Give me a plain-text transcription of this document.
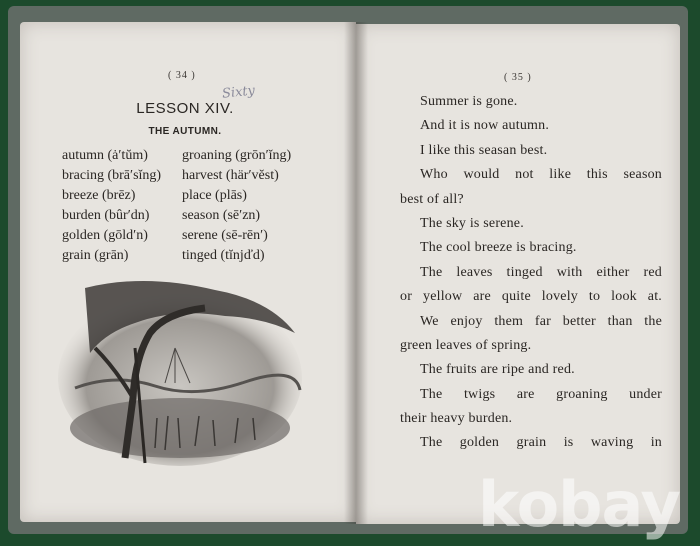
( 34 )
Sixty
LESSON XIV.
THE AUTUMN.
autumn (ȧ′tŭm)	groaning (grōn′ĭng)
bracing (brā′sĭng)	harvest (här′vĕst)
breeze (brēz)	place (plās)
burden (bûr′dn)	season (sē′zn)
golden (gōld′n)	serene (sē-rēn′)
grain (grān)	tinged (tĭnjďd)
( 35 )
Summer is gone.
And it is now autumn.
I like this seasan best.
Who would not like this season
best of all?
The sky is serene.
The cool breeze is bracing.
The leaves tinged with either red
or yellow are quite lovely to look at.
We enjoy them far better than the
green leaves of spring.
The fruits are ripe and red.
The twigs are groaning under
their heavy burden.
The golden grain is waving in
kobay
